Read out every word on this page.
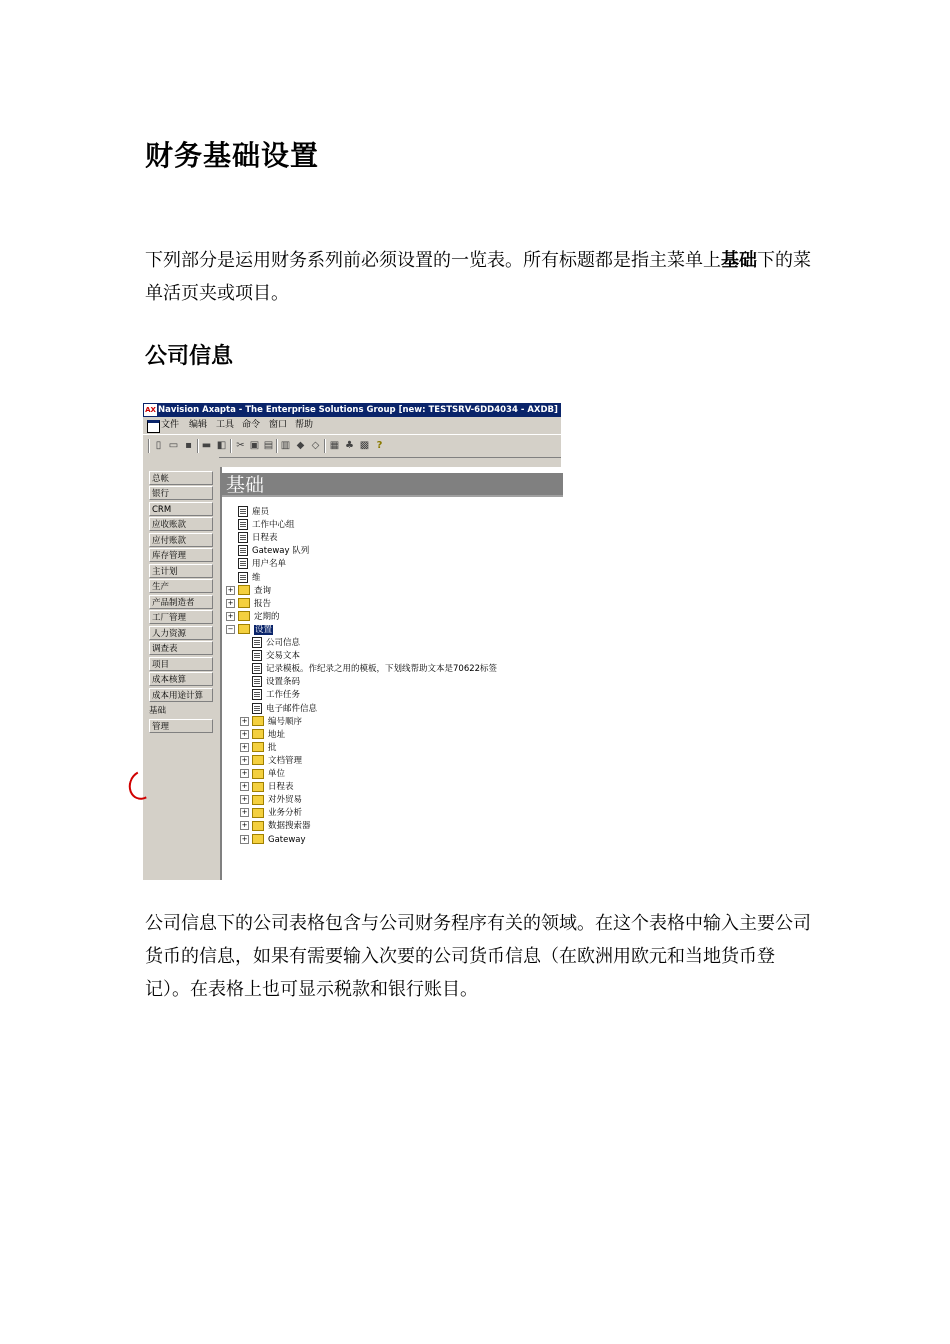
财务基础设置
下列部分是运用财务系列前必须设置的一览表。所有标题都是指主菜单上基础下的菜单活页夹或项目。
公司信息
AX Navision Axapta - The Enterprise Solutions Group [new: TESTSRV-6DD4034 - AXDB] - [主菜单 - d
文件 编辑 工具 命令 窗口 帮助
▯ ▭ ▪ ▬ ◧ ✂ ▣ ▤ ▥ ◆ ◇ ▦ ♣ ▩ ?
总帐
银行
CRM
应收账款
应付账款
库存管理
主计划
生产
产品制造者
工厂管理
人力资源
调查表
项目
成本核算
成本用途计算
基础
管理
基础
雇员
工作中心组
日程表
Gateway 队列
用户名单
维
+ 查询
+ 报告
+ 定期的
−	设置
公司信息
交易文本
记录模板。作纪录之用的模板，下划线帮助文本是70622标签
设置条码
工作任务
电子邮件信息
+ 编号顺序
+ 地址
+ 批
+ 文档管理
+ 单位
+ 日程表
+ 对外贸易
+ 业务分析
+ 数据搜索器
+ Gateway
公司信息下的公司表格包含与公司财务程序有关的领域。在这个表格中输入主要公司货币的信息，如果有需要输入次要的公司货币信息（在欧洲用欧元和当地货币登记）。在表格上也可显示税款和银行账目。
